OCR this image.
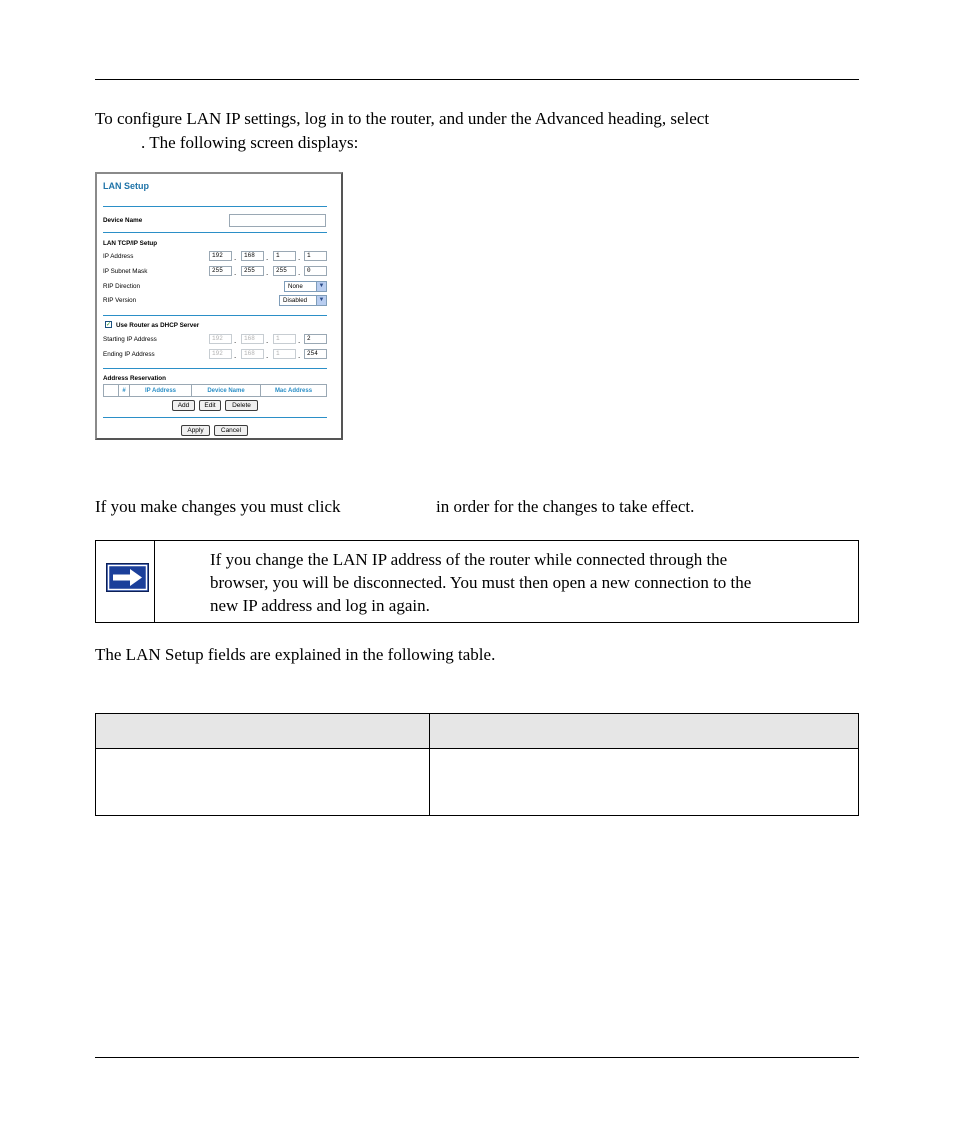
To configure LAN IP settings, log in to the router, and under the Advanced heading, select

. The following screen displays:

LAN Setup
Device Name
LAN TCP/IP Setup
IP Address	192	.	168	.	1	.	1
IP Subnet Mask	255	.	255	.	255	.	0
RIP Direction	None	▼
RIP Version	Disabled	▼
✓ Use Router as DHCP Server
Starting IP Address	192	.	168	.	1	.	2
Ending IP Address	192	.	168	.	1	.	254
Address Reservation
	#	IP Address	Device Name	Mac Address
Add	Edit	Delete
Apply	Cancel

If you make changes you must click	in order for the changes to take effect.

If you change the LAN IP address of the router while connected through the
browser, you will be disconnected. You must then open a new connection to the
new IP address and log in again.

The LAN Setup fields are explained in the following table.
